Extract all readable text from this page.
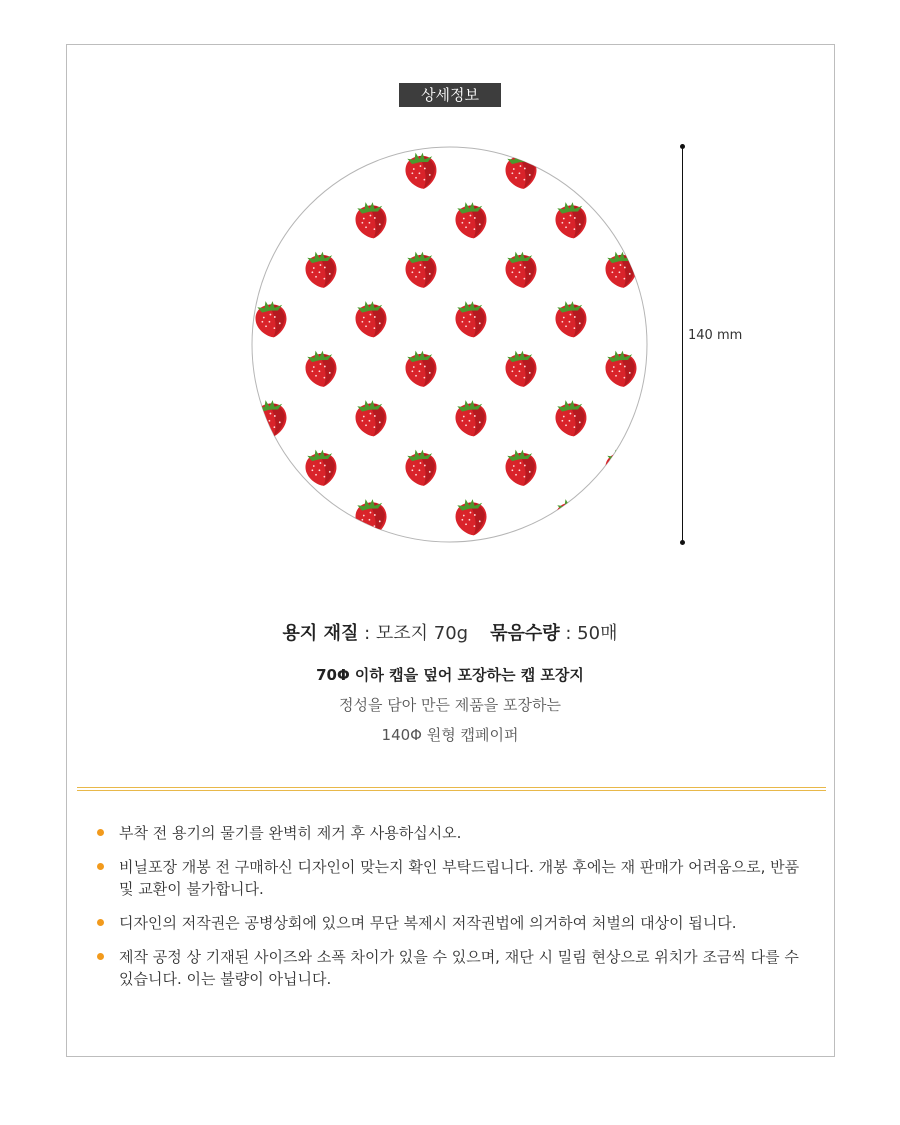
상세정보
140 mm
용지 재질 : 모조지 70g 묶음수량 : 50매
70Φ 이하 캡을 덮어 포장하는 캡 포장지
정성을 담아 만든 제품을 포장하는
140Φ 원형 캡페이퍼
부착 전 용기의 물기를 완벽히 제거 후 사용하십시오.
비닐포장 개봉 전 구매하신 디자인이 맞는지 확인 부탁드립니다. 개봉 후에는 재 판매가 어려움으로, 반품 및 교환이 불가합니다.
디자인의 저작권은 공병상회에 있으며 무단 복제시 저작권법에 의거하여 처벌의 대상이 됩니다.
제작 공정 상 기재된 사이즈와 소폭 차이가 있을 수 있으며, 재단 시 밀림 현상으로 위치가 조금씩 다를 수 있습니다. 이는 불량이 아닙니다.
